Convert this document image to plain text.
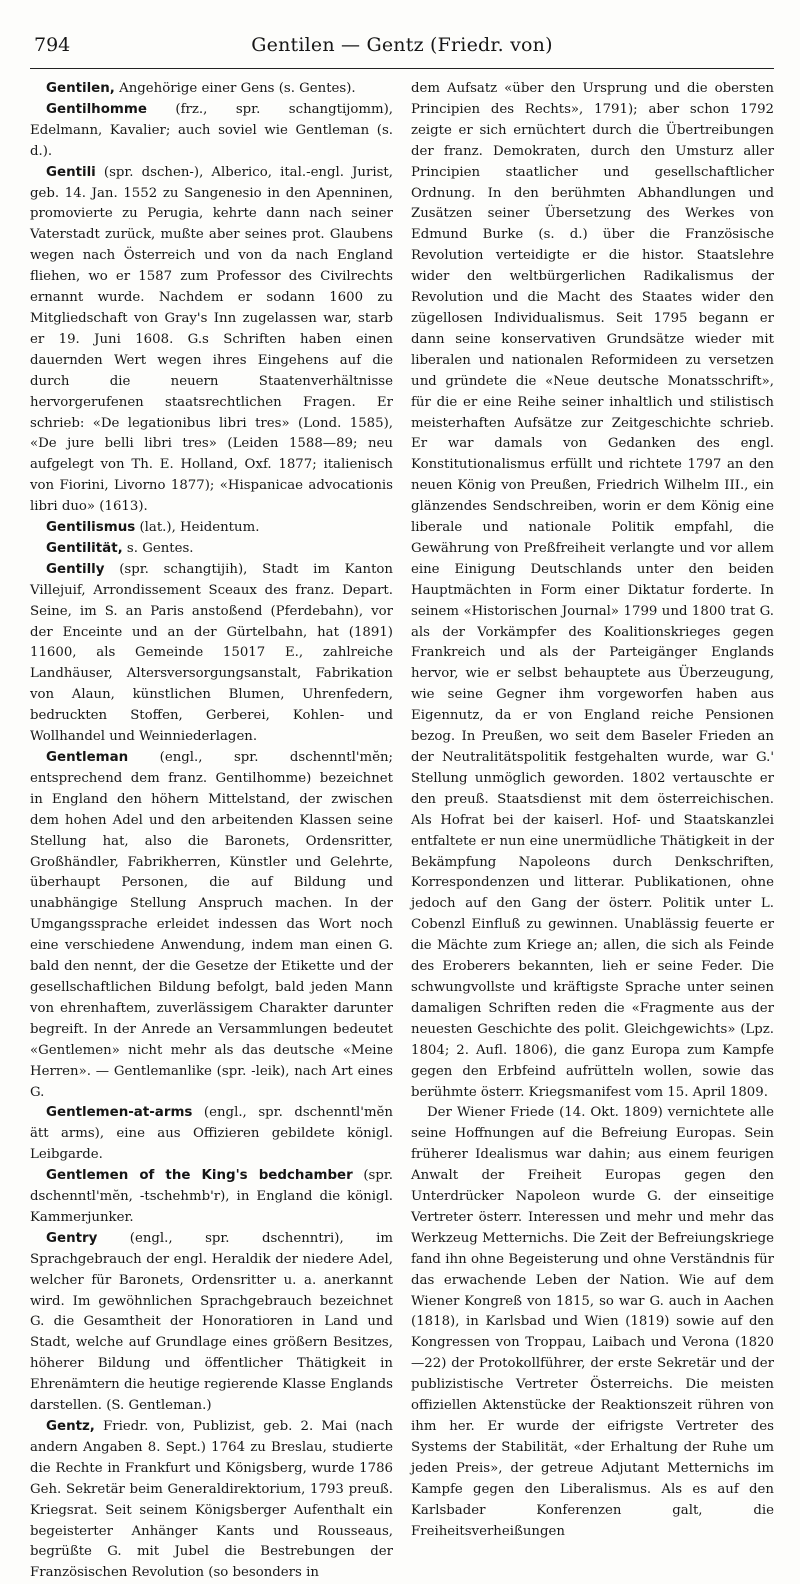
794	Gentilen — Gentz (Friedr. von)

Gentilen, Angehörige einer Gens (s. Gentes).

Gentilhomme (frz., spr. schangtijomm), Edelmann, Kavalier; auch soviel wie Gentleman (s. d.).

Gentili (spr. dschen-), Alberico, ital.-engl. Jurist, geb. 14. Jan. 1552 zu Sangenesio in den Apenninen, promovierte zu Perugia, kehrte dann nach seiner Vaterstadt zurück, mußte aber seines prot. Glaubens wegen nach Österreich und von da nach England fliehen, wo er 1587 zum Professor des Civilrechts ernannt wurde. Nachdem er sodann 1600 zu Mitgliedschaft von Gray's Inn zugelassen war, starb er 19. Juni 1608. G.s Schriften haben einen dauernden Wert wegen ihres Eingehens auf die durch die neuern Staatenverhältnisse hervorgerufenen staatsrechtlichen Fragen. Er schrieb: «De legationibus libri tres» (Lond. 1585), «De jure belli libri tres» (Leiden 1588—89; neu aufgelegt von Th. E. Holland, Oxf. 1877; italienisch von Fiorini, Livorno 1877); «Hispanicae advocationis libri duo» (1613).

Gentilismus (lat.), Heidentum.

Gentilität, s. Gentes.

Gentilly (spr. schangtijih), Stadt im Kanton Villejuif, Arrondissement Sceaux des franz. Depart. Seine, im S. an Paris anstoßend (Pferdebahn), vor der Enceinte und an der Gürtelbahn, hat (1891) 11600, als Gemeinde 15017 E., zahlreiche Landhäuser, Altersversorgungsanstalt, Fabrikation von Alaun, künstlichen Blumen, Uhrenfedern, bedruckten Stoffen, Gerberei, Kohlen- und Wollhandel und Weinniederlagen.

Gentleman (engl., spr. dschenntl'mĕn; entsprechend dem franz. Gentilhomme) bezeichnet in England den höhern Mittelstand, der zwischen dem hohen Adel und den arbeitenden Klassen seine Stellung hat, also die Baronets, Ordensritter, Großhändler, Fabrikherren, Künstler und Gelehrte, überhaupt Personen, die auf Bildung und unabhängige Stellung Anspruch machen. In der Umgangssprache erleidet indessen das Wort noch eine verschiedene Anwendung, indem man einen G. bald den nennt, der die Gesetze der Etikette und der gesellschaftlichen Bildung befolgt, bald jeden Mann von ehrenhaftem, zuverlässigem Charakter darunter begreift. In der Anrede an Versammlungen bedeutet «Gentlemen» nicht mehr als das deutsche «Meine Herren». — Gentlemanlike (spr. -leik), nach Art eines G.

Gentlemen-at-arms (engl., spr. dschenntl'mĕn ätt arms), eine aus Offizieren gebildete königl. Leibgarde.

Gentlemen of the King's bedchamber (spr. dschenntl'mĕn, -tschehmb'r), in England die königl. Kammerjunker.

Gentry (engl., spr. dschenntri), im Sprachgebrauch der engl. Heraldik der niedere Adel, welcher für Baronets, Ordensritter u. a. anerkannt wird. Im gewöhnlichen Sprachgebrauch bezeichnet G. die Gesamtheit der Honoratioren in Land und Stadt, welche auf Grundlage eines größern Besitzes, höherer Bildung und öffentlicher Thätigkeit in Ehrenämtern die heutige regierende Klasse Englands darstellen. (S. Gentleman.)

Gentz, Friedr. von, Publizist, geb. 2. Mai (nach andern Angaben 8. Sept.) 1764 zu Breslau, studierte die Rechte in Frankfurt und Königsberg, wurde 1786 Geh. Sekretär beim Generaldirektorium, 1793 preuß. Kriegsrat. Seit seinem Königsberger Aufenthalt ein begeisterter Anhänger Kants und Rousseaus, begrüßte G. mit Jubel die Bestrebungen der Französischen Revolution (so besonders in

dem Aufsatz «über den Ursprung und die obersten Principien des Rechts», 1791); aber schon 1792 zeigte er sich ernüchtert durch die Übertreibungen der franz. Demokraten, durch den Umsturz aller Principien staatlicher und gesellschaftlicher Ordnung. In den berühmten Abhandlungen und Zusätzen seiner Übersetzung des Werkes von Edmund Burke (s. d.) über die Französische Revolution verteidigte er die histor. Staatslehre wider den weltbürgerlichen Radikalismus der Revolution und die Macht des Staates wider den zügellosen Individualismus. Seit 1795 begann er dann seine konservativen Grundsätze wieder mit liberalen und nationalen Reformideen zu versetzen und gründete die «Neue deutsche Monatsschrift», für die er eine Reihe seiner inhaltlich und stilistisch meisterhaften Aufsätze zur Zeitgeschichte schrieb. Er war damals von Gedanken des engl. Konstitutionalismus erfüllt und richtete 1797 an den neuen König von Preußen, Friedrich Wilhelm III., ein glänzendes Sendschreiben, worin er dem König eine liberale und nationale Politik empfahl, die Gewährung von Preßfreiheit verlangte und vor allem eine Einigung Deutschlands unter den beiden Hauptmächten in Form einer Diktatur forderte. In seinem «Historischen Journal» 1799 und 1800 trat G. als der Vorkämpfer des Koalitionskrieges gegen Frankreich und als der Parteigänger Englands hervor, wie er selbst behauptete aus Überzeugung, wie seine Gegner ihm vorgeworfen haben aus Eigennutz, da er von England reiche Pensionen bezog. In Preußen, wo seit dem Baseler Frieden an der Neutralitätspolitik festgehalten wurde, war G.' Stellung unmöglich geworden. 1802 vertauschte er den preuß. Staatsdienst mit dem österreichischen. Als Hofrat bei der kaiserl. Hof- und Staatskanzlei entfaltete er nun eine unermüdliche Thätigkeit in der Bekämpfung Napoleons durch Denkschriften, Korrespondenzen und litterar. Publikationen, ohne jedoch auf den Gang der österr. Politik unter L. Cobenzl Einfluß zu gewinnen. Unablässig feuerte er die Mächte zum Kriege an; allen, die sich als Feinde des Eroberers bekannten, lieh er seine Feder. Die schwungvollste und kräftigste Sprache unter seinen damaligen Schriften reden die «Fragmente aus der neuesten Geschichte des polit. Gleichgewichts» (Lpz. 1804; 2. Aufl. 1806), die ganz Europa zum Kampfe gegen den Erbfeind aufrütteln wollen, sowie das berühmte österr. Kriegsmanifest vom 15. April 1809.

Der Wiener Friede (14. Okt. 1809) vernichtete alle seine Hoffnungen auf die Befreiung Europas. Sein früherer Idealismus war dahin; aus einem feurigen Anwalt der Freiheit Europas gegen den Unterdrücker Napoleon wurde G. der einseitige Vertreter österr. Interessen und mehr und mehr das Werkzeug Metternichs. Die Zeit der Befreiungskriege fand ihn ohne Begeisterung und ohne Verständnis für das erwachende Leben der Nation. Wie auf dem Wiener Kongreß von 1815, so war G. auch in Aachen (1818), in Karlsbad und Wien (1819) sowie auf den Kongressen von Troppau, Laibach und Verona (1820—22) der Protokollführer, der erste Sekretär und der publizistische Vertreter Österreichs. Die meisten offiziellen Aktenstücke der Reaktionszeit rühren von ihm her. Er wurde der eifrigste Vertreter des Systems der Stabilität, «der Erhaltung der Ruhe um jeden Preis», der getreue Adjutant Metternichs im Kampfe gegen den Liberalismus. Als es auf den Karlsbader Konferenzen galt, die Freiheitsverheißungen
